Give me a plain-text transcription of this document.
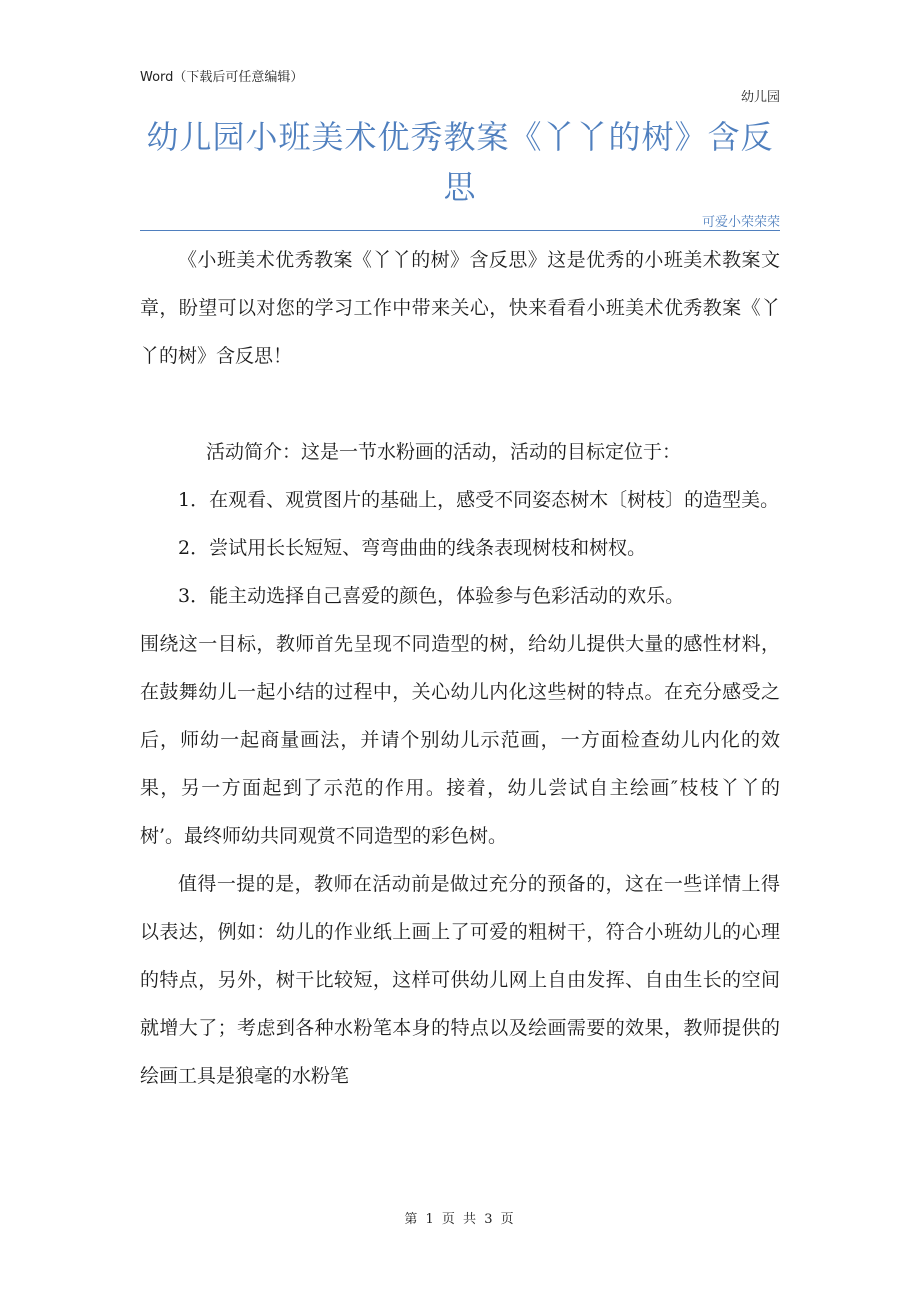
Word（下载后可任意编辑）
幼儿园
幼儿园小班美术优秀教案《丫丫的树》含反思
可爱小荣荣荣

《小班美术优秀教案《丫丫的树》含反思》这是优秀的小班美术教案文章，盼望可以对您的学习工作中带来关心，快来看看小班美术优秀教案《丫丫的树》含反思！

活动简介：这是一节水粉画的活动，活动的目标定位于：

1．在观看、观赏图片的基础上，感受不同姿态树木〔树枝〕的造型美。

2．尝试用长长短短、弯弯曲曲的线条表现树枝和树杈。

3．能主动选择自己喜爱的颜色，体验参与色彩活动的欢乐。

围绕这一目标，教师首先呈现不同造型的树，给幼儿提供大量的感性材料，在鼓舞幼儿一起小结的过程中，关心幼儿内化这些树的特点。在充分感受之后，师幼一起商量画法，并请个别幼儿示范画，一方面检查幼儿内化的效果，另一方面起到了示范的作用。接着，幼儿尝试自主绘画″枝枝丫丫的树’。最终师幼共同观赏不同造型的彩色树。

值得一提的是，教师在活动前是做过充分的预备的，这在一些详情上得以表达，例如：幼儿的作业纸上画上了可爱的粗树干，符合小班幼儿的心理的特点，另外，树干比较短，这样可供幼儿网上自由发挥、自由生长的空间就增大了；考虑到各种水粉笔本身的特点以及绘画需要的效果，教师提供的绘画工具是狼毫的水粉笔

第 1 页 共 3 页
